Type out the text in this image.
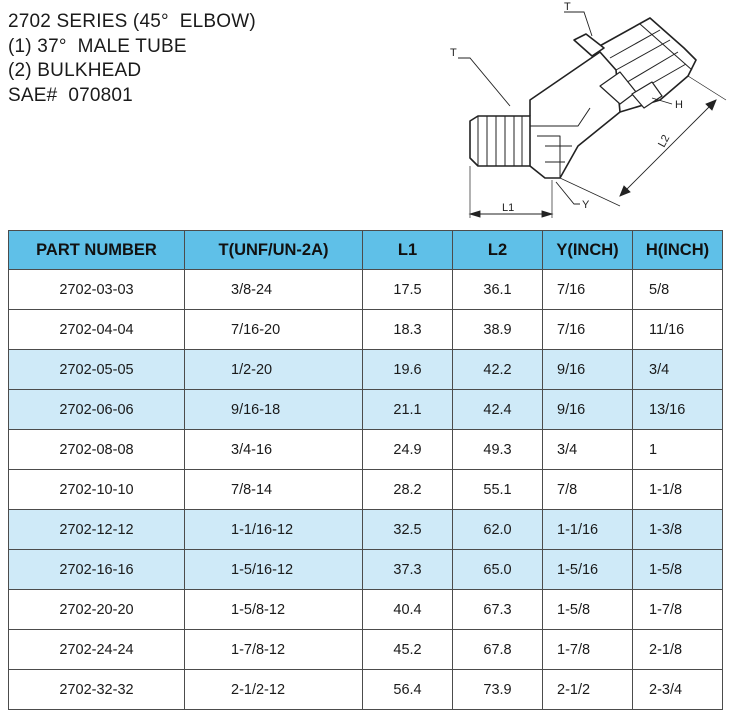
2702 SERIES (45°  ELBOW)
(1) 37°  MALE TUBE
(2) BULKHEAD
SAE#  070801
T
T
H
L2
L1	Y
PART NUMBER	T(UNF/UN-2A)	L1	L2	Y(INCH)	H(INCH)
2702-03-03	3/8-24	17.5	36.1	7/16	5/8
2702-04-04	7/16-20	18.3	38.9	7/16	11/16
2702-05-05	1/2-20	19.6	42.2	9/16	3/4
2702-06-06	9/16-18	21.1	42.4	9/16	13/16
2702-08-08	3/4-16	24.9	49.3	3/4	1
2702-10-10	7/8-14	28.2	55.1	7/8	1-1/8
2702-12-12	1-1/16-12	32.5	62.0	1-1/16	1-3/8
2702-16-16	1-5/16-12	37.3	65.0	1-5/16	1-5/8
2702-20-20	1-5/8-12	40.4	67.3	1-5/8	1-7/8
2702-24-24	1-7/8-12	45.2	67.8	1-7/8	2-1/8
2702-32-32	2-1/2-12	56.4	73.9	2-1/2	2-3/4
